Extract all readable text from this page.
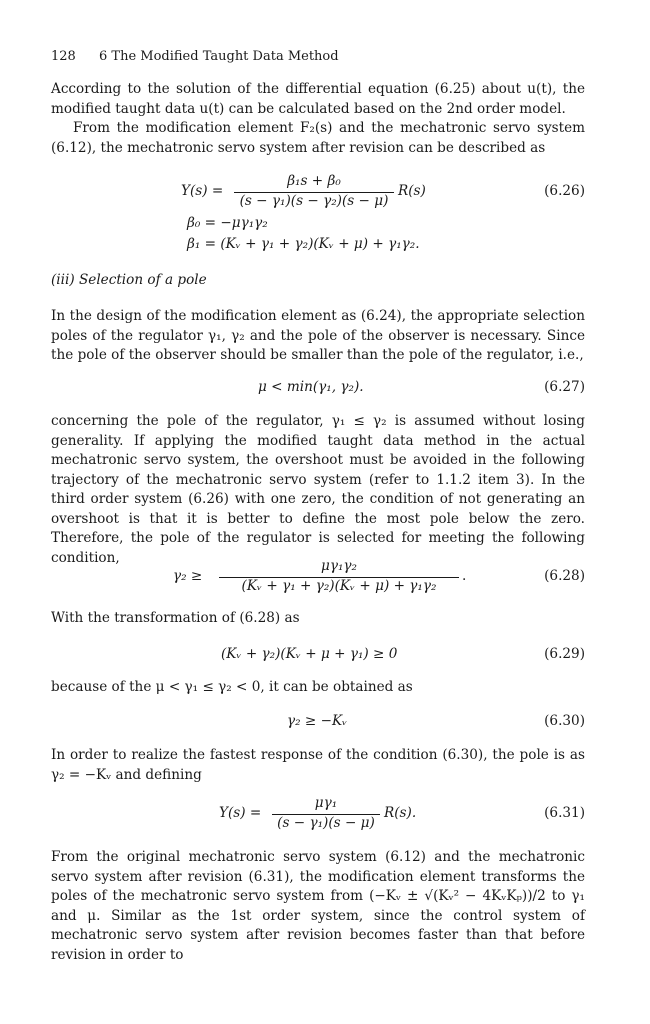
128 6 The Modified Taught Data Method

According to the solution of the differential equation (6.25) about u(t), the modified taught data u(t) can be calculated based on the 2nd order model.

From the modification element F₂(s) and the mechatronic servo system (6.12), the mechatronic servo system after revision can be described as

Y(s) =
β₁s + β₀
(s − γ₁)(s − γ₂)(s − μ)
R(s)	(6.26)
β₀ = −μγ₁γ₂
β₁ = (Kᵥ + γ₁ + γ₂)(Kᵥ + μ) + γ₁γ₂.
(iii) Selection of a pole

In the design of the modification element as (6.24), the appropriate selection poles of the regulator γ₁, γ₂ and the pole of the observer is necessary. Since the pole of the observer should be smaller than the pole of the regulator, i.e.,

μ < min(γ₁, γ₂).	(6.27)

concerning the pole of the regulator, γ₁ ≤ γ₂ is assumed without losing generality. If applying the modified taught data method in the actual mechatronic servo system, the overshoot must be avoided in the following trajectory of the mechatronic servo system (refer to 1.1.2 item 3). In the third order system (6.26) with one zero, the condition of not generating an overshoot is that it is better to define the most pole below the zero. Therefore, the pole of the regulator is selected for meeting the following condition,

γ₂ ≥
μγ₁γ₂
(Kᵥ + γ₁ + γ₂)(Kᵥ + μ) + γ₁γ₂
.	(6.28)

With the transformation of (6.28) as

(Kᵥ + γ₂)(Kᵥ + μ + γ₁) ≥ 0	(6.29)

because of the μ < γ₁ ≤ γ₂ < 0, it can be obtained as

γ₂ ≥ −Kᵥ	(6.30)

In order to realize the fastest response of the condition (6.30), the pole is as γ₂ = −Kᵥ and defining

Y(s) =
μγ₁
(s − γ₁)(s − μ)
R(s).	(6.31)

From the original mechatronic servo system (6.12) and the mechatronic servo system after revision (6.31), the modification element transforms the poles of the mechatronic servo system from (−Kᵥ ± √(Kᵥ² − 4KᵥKₚ))/2 to γ₁ and μ. Similar as the 1st order system, since the control system of mechatronic servo system after revision becomes faster than that before revision in order to
